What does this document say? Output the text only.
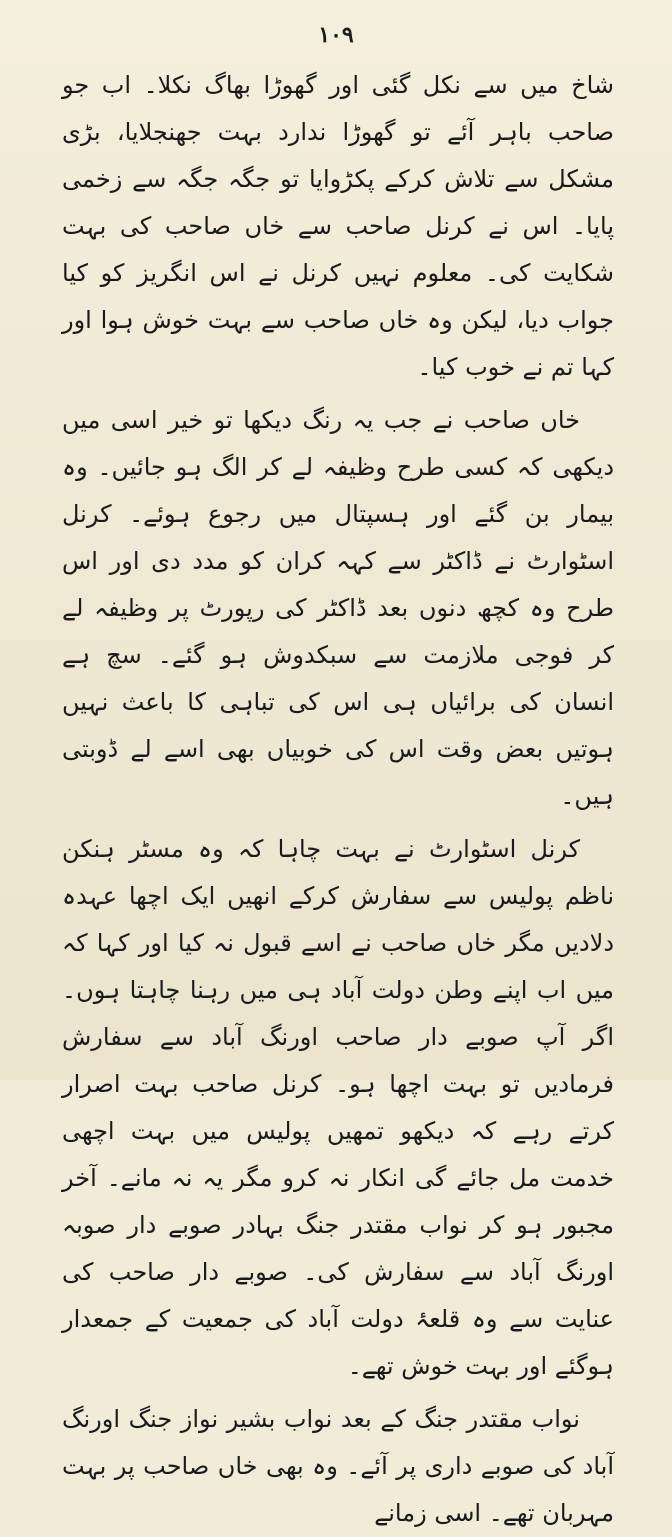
۱۰۹

شاخ میں سے نکل گئی اور گھوڑا بھاگ نکلا۔ اب جو صاحب باہر آئے تو گھوڑا ندارد بہت جھنجلایا، بڑی مشکل سے تلاش کرکے پکڑوایا تو جگہ جگہ سے زخمی پایا۔ اس نے کرنل صاحب سے خاں صاحب کی بہت شکایت کی۔ معلوم نہیں کرنل نے اس انگریز کو کیا جواب دیا، لیکن وہ خاں صاحب سے بہت خوش ہوا اور کہا تم نے خوب کیا۔

خاں صاحب نے جب یہ رنگ دیکھا تو خیر اسی میں دیکھی کہ کسی طرح وظیفہ لے کر الگ ہو جائیں۔ وہ بیمار بن گئے اور ہسپتال میں رجوع ہوئے۔ کرنل اسٹوارٹ نے ڈاکٹر سے کہہ کران کو مدد دی اور اس طرح وہ کچھ دنوں بعد ڈاکٹر کی رپورٹ پر وظیفہ لے کر فوجی ملازمت سے سبکدوش ہو گئے۔ سچ ہے انسان کی برائیاں ہی اس کی تباہی کا باعث نہیں ہوتیں بعض وقت اس کی خوبیاں بھی اسے لے ڈوبتی ہیں۔

کرنل اسٹوارٹ نے بہت چاہا کہ وہ مسٹر ہنکن ناظم پولیس سے سفارش کرکے انھیں ایک اچھا عہدہ دلادیں مگر خاں صاحب نے اسے قبول نہ کیا اور کہا کہ میں اب اپنے وطن دولت آباد ہی میں رہنا چاہتا ہوں۔ اگر آپ صوبے دار صاحب اورنگ آباد سے سفارش فرمادیں تو بہت اچھا ہو۔ کرنل صاحب بہت اصرار کرتے رہے کہ دیکھو تمھیں پولیس میں بہت اچھی خدمت مل جائے گی انکار نہ کرو مگر یہ نہ مانے۔ آخر مجبور ہو کر نواب مقتدر جنگ بہادر صوبے دار صوبہ اورنگ آباد سے سفارش کی۔ صوبے دار صاحب کی عنایت سے وہ قلعۂ دولت آباد کی جمعیت کے جمعدار ہوگئے اور بہت خوش تھے۔

نواب مقتدر جنگ کے بعد نواب بشیر نواز جنگ اورنگ آباد کی صوبے داری پر آئے۔ وہ بھی خاں صاحب پر بہت مہربان تھے۔ اسی زمانے
